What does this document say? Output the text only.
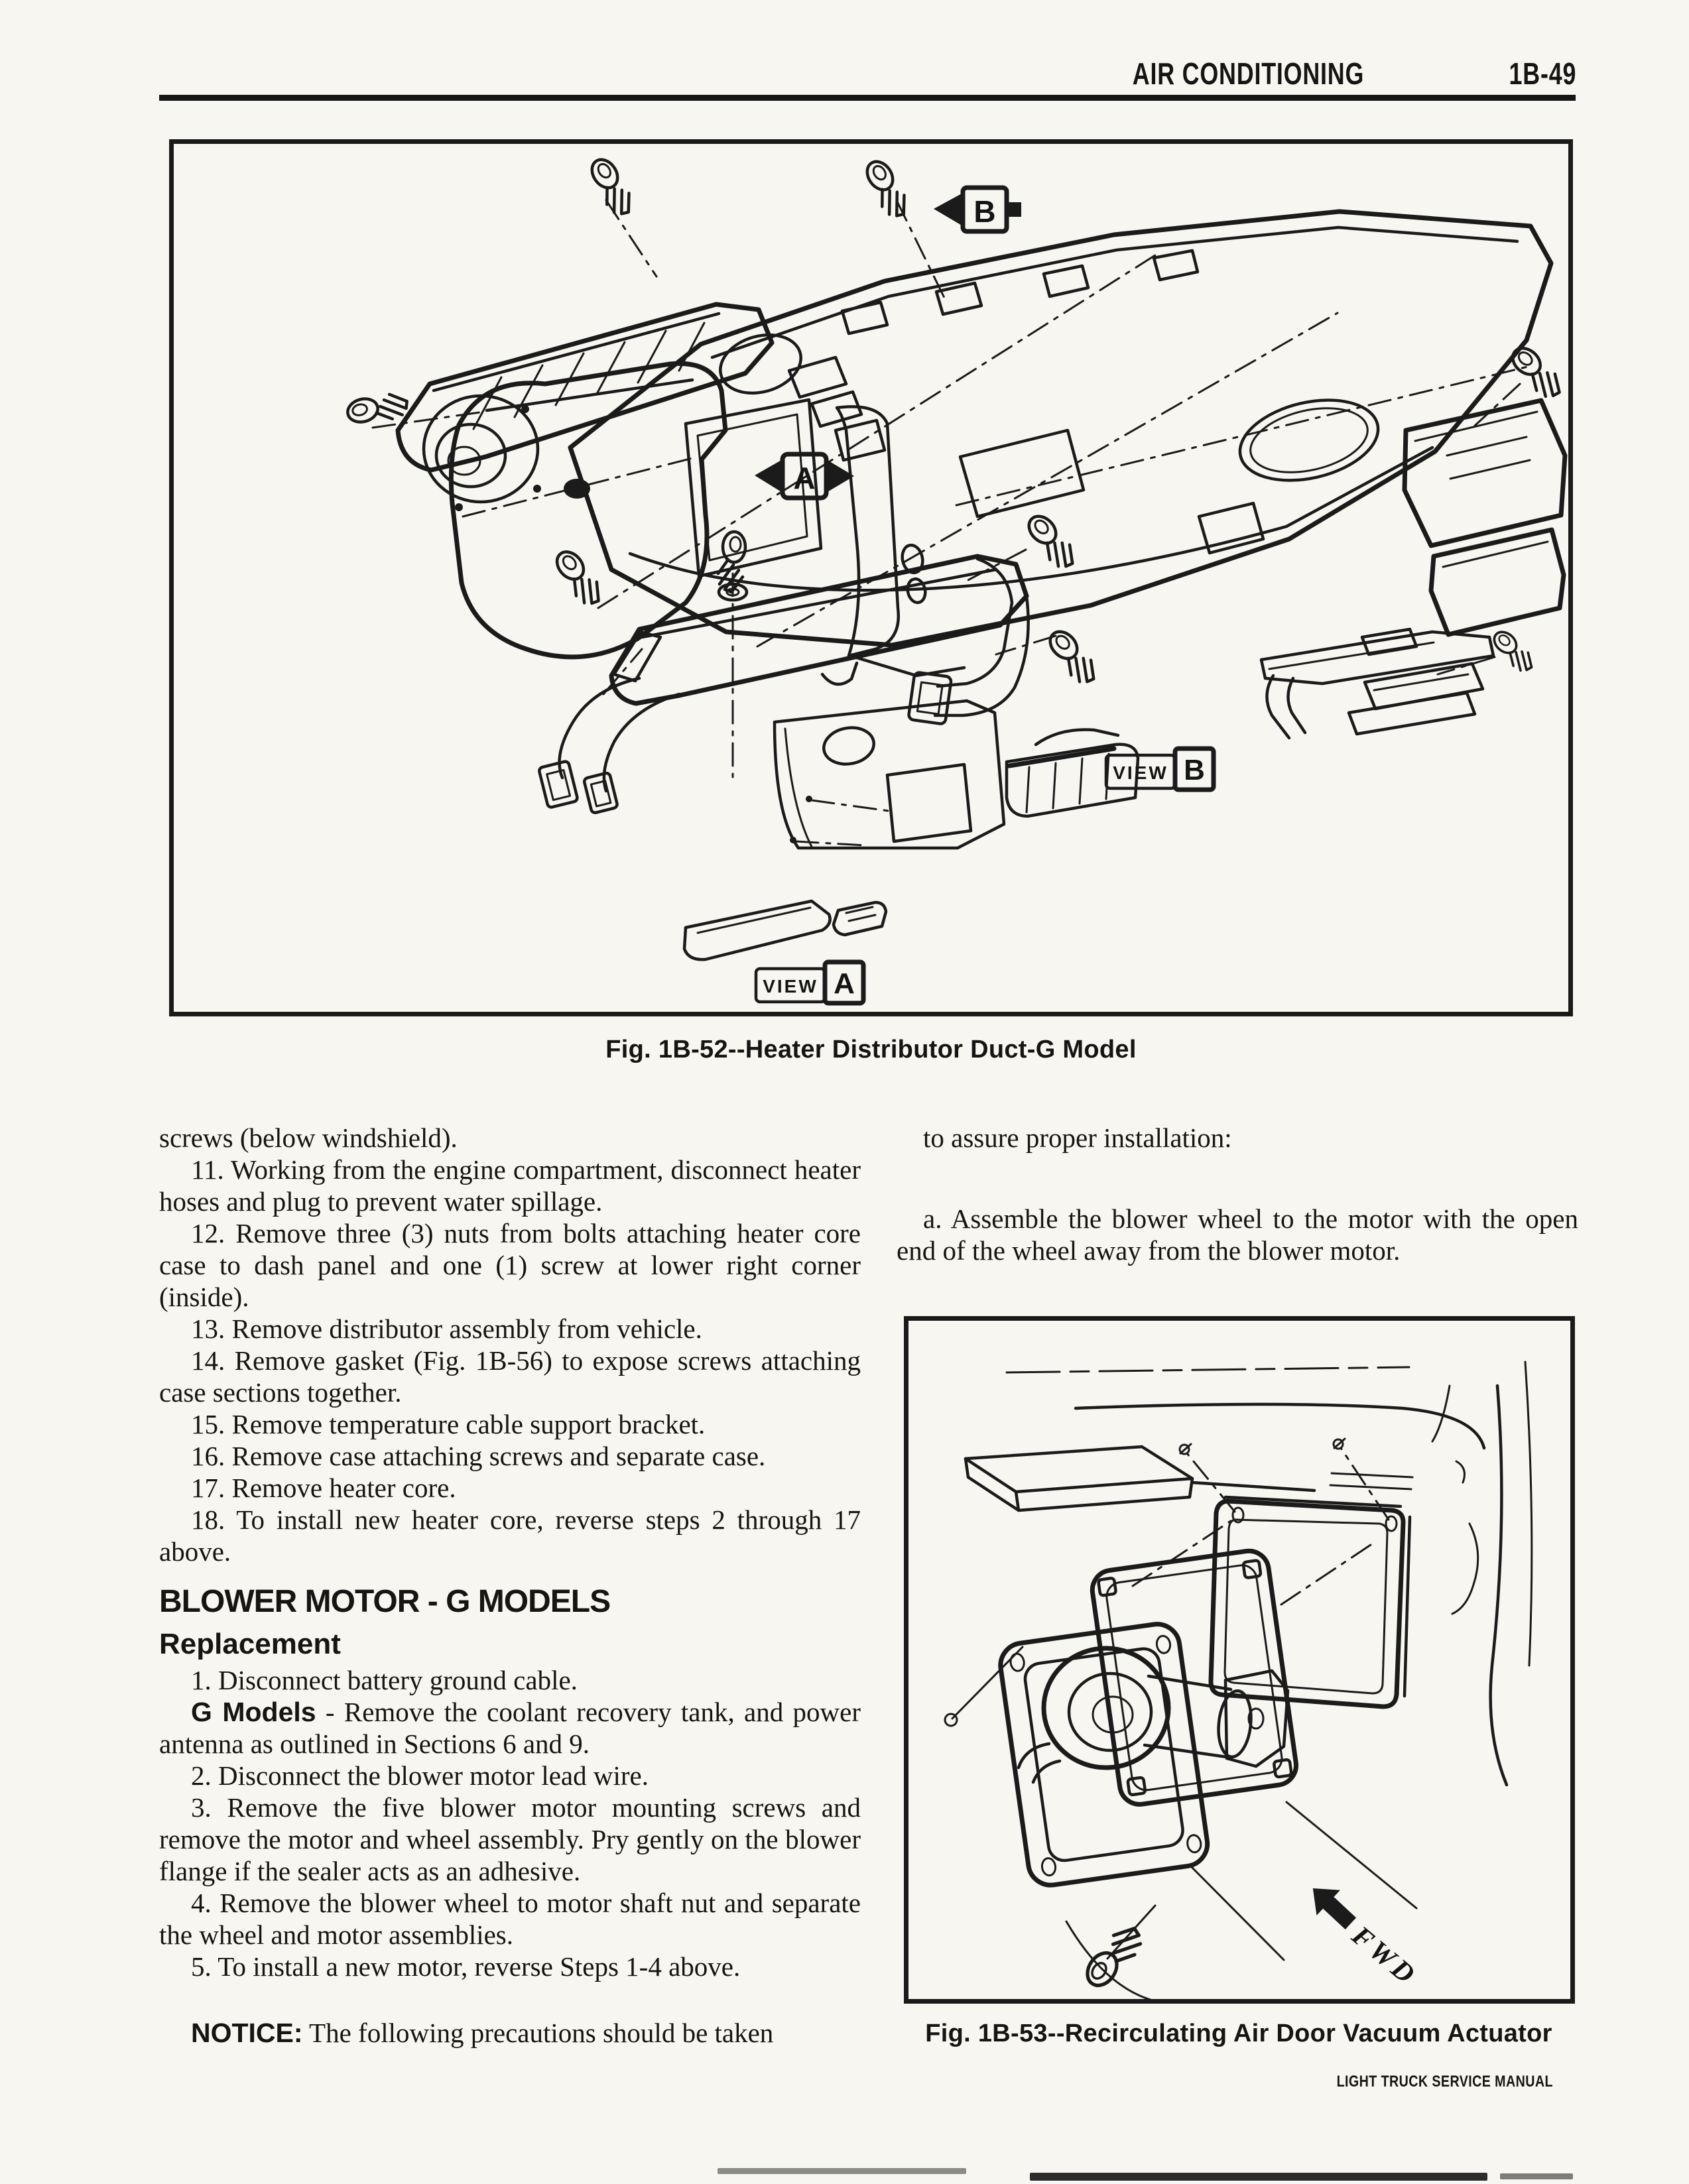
AIR CONDITIONING	1B-49
B
A
VIEW A
VIEW B
Fig. 1B-52--Heater Distributor Duct-G Model

screws (below windshield).

11. Working from the engine compartment, disconnect heater hoses and plug to prevent water spillage.

12. Remove three (3) nuts from bolts attaching heater core case to dash panel and one (1) screw at lower right corner (inside).

13. Remove distributor assembly from vehicle.

14. Remove gasket (Fig. 1B-56) to expose screws attaching case sections together.

15. Remove temperature cable support bracket.

16. Remove case attaching screws and separate case.

17. Remove heater core.

18. To install new heater core, reverse steps 2 through 17 above.

BLOWER MOTOR - G MODELS
Replacement

1. Disconnect battery ground cable.

G Models - Remove the coolant recovery tank, and power antenna as outlined in Sections 6 and 9.

2. Disconnect the blower motor lead wire.

3. Remove the five blower motor mounting screws and remove the motor and wheel assembly. Pry gently on the blower flange if the sealer acts as an adhesive.

4. Remove the blower wheel to motor shaft nut and separate the wheel and motor assemblies.

5. To install a new motor, reverse Steps 1-4 above.

NOTICE: The following precautions should be taken

to assure proper installation:

a. Assemble the blower wheel to the motor with the open end of the wheel away from the blower motor.

FWD
Fig. 1B-53--Recirculating Air Door Vacuum Actuator
LIGHT TRUCK SERVICE MANUAL
